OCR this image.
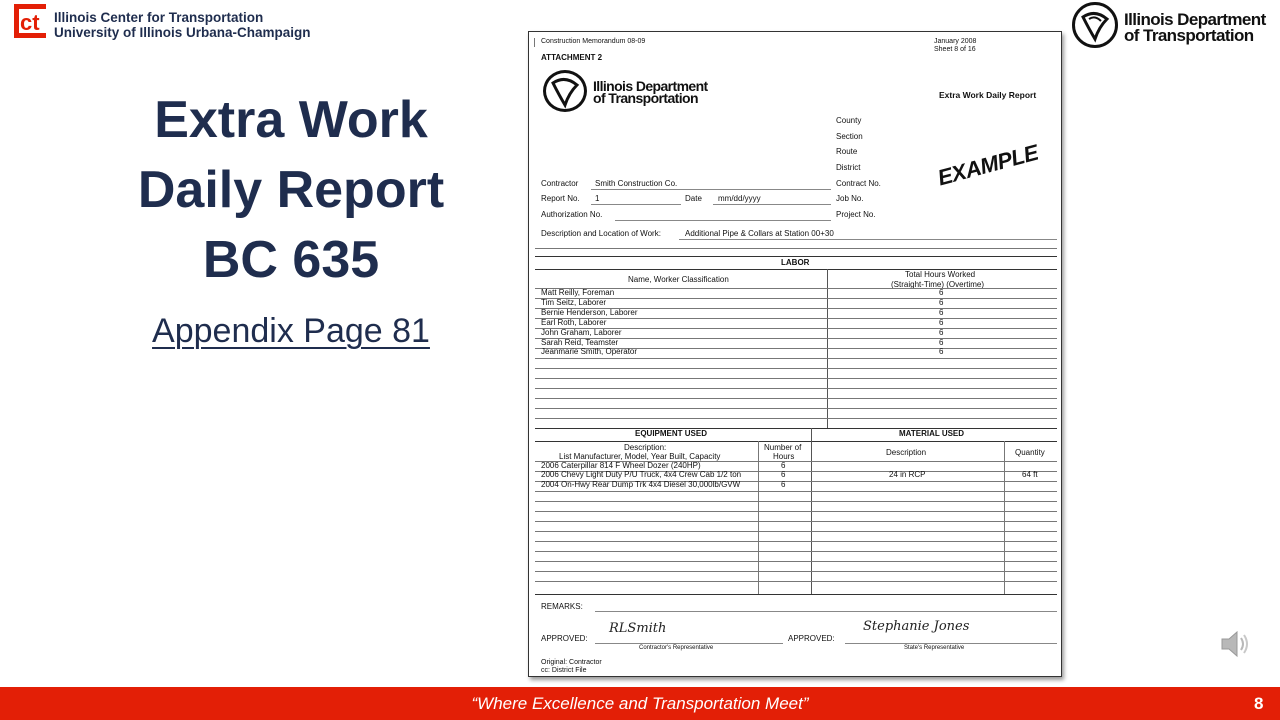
ct Illinois Center for Transportation
University of Illinois Urbana-Champaign
Illinois Department
of Transportation
Extra Work
Daily Report
BC 635
Appendix Page 81
Construction Memorandum 08-09	January 2008
Sheet 8 of 16
ATTACHMENT 2
Illinois Department
of Transportation	Extra Work Daily Report
County
Section
Route
District
Contract No.
Job No.
Project No.
EXAMPLE
Contractor Smith Construction Co.
Report No. 1	Date mm/dd/yyyy
Authorization No.
Description and Location of Work:	Additional Pipe & Collars at Station 00+30
LABOR
Name, Worker Classification
Total Hours Worked
(Straight-Time) (Overtime)
Matt Reilly, Foreman	6
Tim Seitz, Laborer	6
Bernie Henderson, Laborer	6
Earl Roth, Laborer	6
John Graham, Laborer	6
Sarah Reid, Teamster	6
Jeanmarie Smith, Operator	6
EQUIPMENT USED	MATERIAL USED
Description:
List Manufacturer, Model, Year Built, Capacity
Number of
Hours	Description	Quantity
2006 Caterpillar 814 F Wheel Dozer (240HP)	6
2006 Chevy Light Duty P/U Truck, 4x4 Crew Cab 1/2 ton	6	24 in RCP	64 ft
2004 On-Hwy Rear Dump Trk 4x4 Diesel 30,000lb/GVW	6
REMARKS:
APPROVED:
RLSmith
Contractor's Representative
APPROVED:
Stephanie Jones
State's Representative
Original: Contractor
cc: District File
“Where Excellence and Transportation Meet”	8
